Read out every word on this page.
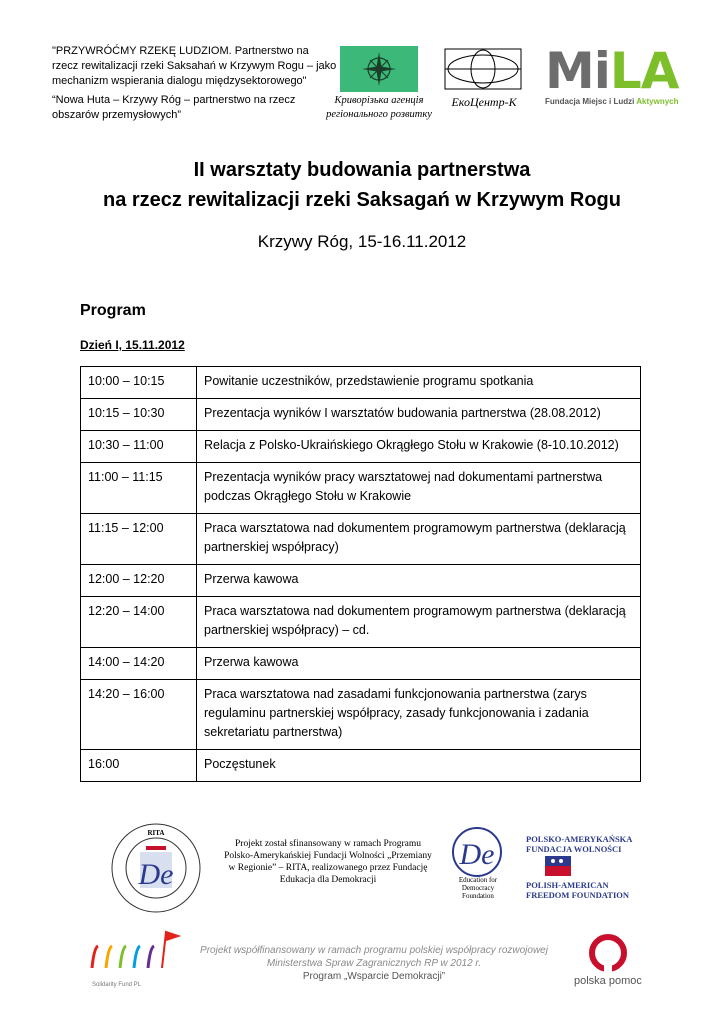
"PRZYWRÓĆMY RZEKĘ LUDZIOM. Partnerstwo na rzecz rewitalizacji rzeki Saksahań w Krzywym Rogu – jako mechanizm wspierania dialogu międzysektorowego"
“Nowa Huta – Krzywy Róg – partnerstwo na rzecz obszarów przemysłowych”
Криворізька агенція
регіонального розвитку
ЕкоЦентр-К
MiLA
Fundacja Miejsc i Ludzi Aktywnych
II warsztaty budowania partnerstwa
na rzecz rewitalizacji rzeki Saksagań w Krzywym Rogu
Krzywy Róg, 15-16.11.2012
Program
Dzień I, 15.11.2012
10:00 – 10:15	Powitanie uczestników, przedstawienie programu spotkania
10:15 – 10:30	Prezentacja wyników I warsztatów budowania partnerstwa (28.08.2012)
10:30 – 11:00	Relacja z Polsko-Ukraińskiego Okrągłego Stołu w Krakowie (8-10.10.2012)
11:00 – 11:15	Prezentacja wyników pracy warsztatowej nad dokumentami partnerstwa podczas Okrągłego Stołu w Krakowie
11:15 – 12:00	Praca warsztatowa nad dokumentem programowym partnerstwa (deklaracją partnerskiej współpracy)
12:00 – 12:20	Przerwa kawowa
12:20 – 14:00	Praca warsztatowa nad dokumentem programowym partnerstwa (deklaracją partnerskiej współpracy) – cd.
14:00 – 14:20	Przerwa kawowa
14:20 – 16:00	Praca warsztatowa nad zasadami funkcjonowania partnerstwa (zarys regulaminu partnerskiej współpracy, zasady funkcjonowania i zadania sekretariatu partnerstwa)
16:00	Poczęstunek
RITA
De
Projekt został sfinansowany w ramach Programu Polsko-Amerykańskiej Fundacji Wolności „Przemiany w Regionie” – RITA, realizowanego przez Fundację Edukacja dla Demokracji
De
Education for Democracy Foundation
POLSKO-AMERYKAŃSKA
FUNDACJA WOLNOŚCI
POLISH-AMERICAN
FREEDOM FOUNDATION
Solidarity Fund PL
Projekt współfinansowany w ramach programu polskiej współpracy rozwojowej
Ministerstwa Spraw Zagranicznych RP w 2012 r.
Program „Wsparcie Demokracji”	polska pomoc
